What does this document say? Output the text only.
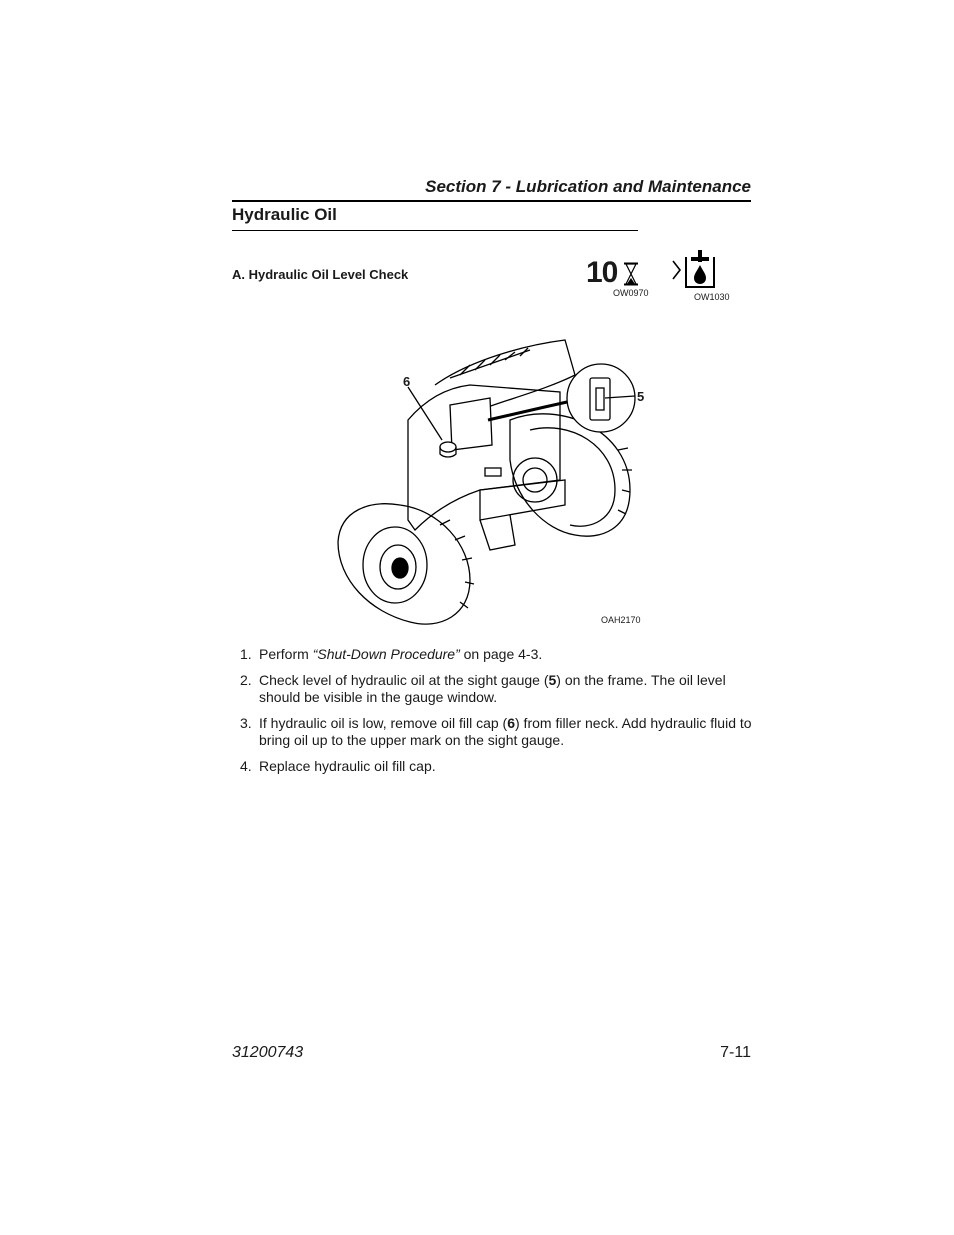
Section 7 - Lubrication and Maintenance
Hydraulic Oil
A. Hydraulic Oil Level Check	10
OW0970	OW1030
6
5
OAH2170
1. Perform “Shut-Down Procedure” on page 4-3.
2. Check level of hydraulic oil at the sight gauge (5) on the frame. The oil level should be visible in the gauge window.
3. If hydraulic oil is low, remove oil fill cap (6) from filler neck. Add hydraulic fluid to bring oil up to the upper mark on the sight gauge.
4. Replace hydraulic oil fill cap.
31200743	7-11
